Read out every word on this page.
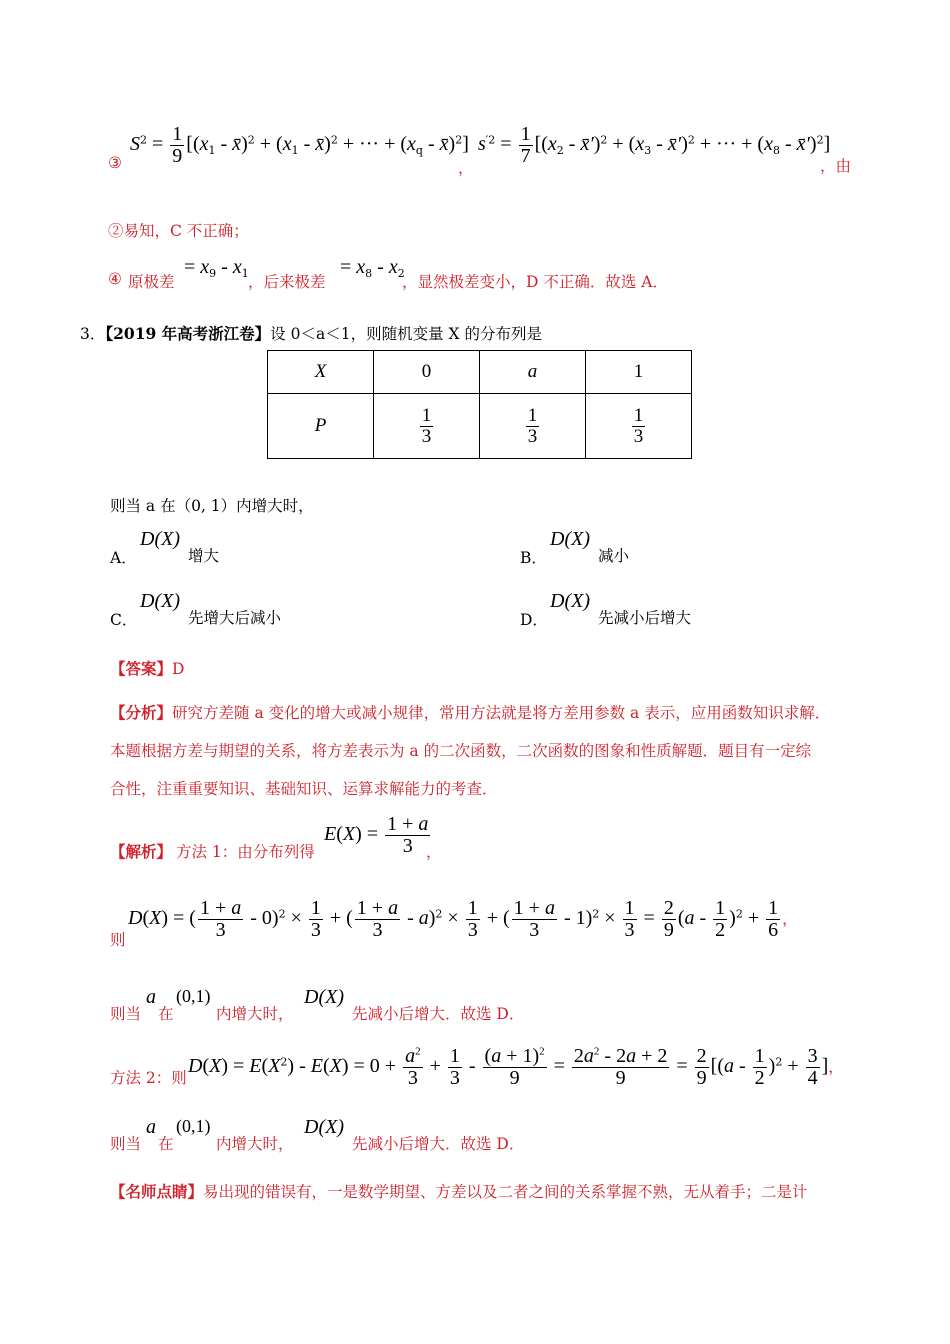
③
$S^2 = \frac{1}{9} [(x_1$ - x̄)$^2$ + ($x_1$ - x̄)$^2$ + ··· + ($x_q$ - x̄)$^2$]
，
$s^{'2} = \frac{1}{7} [(x_2$ - x̄′)$^2$ + ($x_3$ - x̄′)$^2$ + ··· + ($x_8$ - x̄′)$^2$]
，由
②易知，C 不正确；
④ 原极差
= $x_9 - x_1$ ，后来极差
= $x_8 - x_2$
，显然极差变小，D 不正确．故选 A．
3．【2019 年高考浙江卷】设 0＜a＜1，则随机变量 X 的分布列是
X	0	a	1
P	$\frac{1}{3}$	$\frac{1}{3}$	$\frac{1}{3}$
则当 a 在（0, 1）内增大时，
A．
D(X)
增大	B．
D(X)
减小
C．
D(X)
先增大后减小	D．
D(X)
先减小后增大
【答案】D
【分析】研究方差随 a 变化的增大或减小规律，常用方法就是将方差用参数 a 表示，应用函数知识求解．
本题根据方差与期望的关系，将方差表示为 a 的二次函数，二次函数的图象和性质解题．题目有一定综
合性，注重重要知识、基础知识、运算求解能力的考查．
【解析】 方法 1：由分布列得
$E(X) = \frac{1 + a}{3}$
，
则
D(X) = ( $\frac{1 + a}{3} - 0)^2 \times \frac{1}{3}$ + ( $\frac{1 + a}{3} - a)^2 \times \frac{1}{3}$ + ( $\frac{1 + a}{3} - 1)^2 \times \frac{1}{3} = \frac{2}{9} (a - \frac{1}{2} )^2 + \frac{1}{6}$ ，
则当
a
在
(0,1)
内增大时，
D(X)
先减小后增大．故选 D．
方法 2：则
$D(X) = E(X^2) - E(X) = 0 + \frac{a^2}{3} + \frac{1}{3} - \frac{(a + 1)^2}{9} = \frac{2a^2 - 2a + 2}{9} = \frac{2}{9} [(a - \frac{1}{2} )^2 + \frac{3}{4}$ ]，
则当
a
在
(0,1)
内增大时，
D(X)
先减小后增大．故选 D．
【名师点睛】易出现的错误有，一是数学期望、方差以及二者之间的关系掌握不熟，无从着手；二是计
